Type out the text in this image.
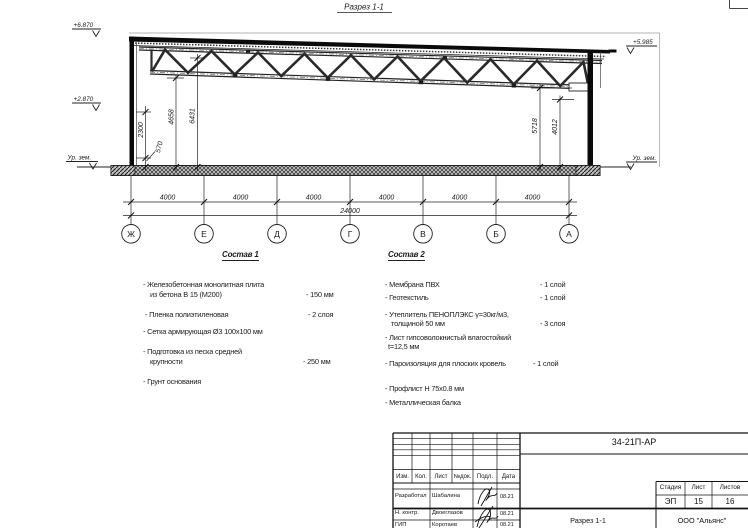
Разрез 1-1
2300
570
4658 6431
5718 4012
4000	4000	4000	4000	4000	4000
24000
Ж	Е	Д	Г	В	Б	А
+6.870
+2.870
Ур. зем.
+5.985
Ур. зем.
Состав 1
- Железобетонная монолитная плита
из бетона В 15 (М200)	- 150 мм
- Пленка полиэтиленовая	- 2 слоя
- Сетка армирующая Ø3 100х100 мм
- Подготовка из песка средней
крупности	- 250 мм
- Грунт основания
Состав 2
- Мембрана ПВХ	- 1 слой
- Геотекстиль	- 1 слой
- Утеплитель ПЕНОПЛЭКС γ=30кг/м3,
толщиной 50 мм	- 3 слоя
- Лист гипсоволокнистый влагостойкий
t=12,5 мм
- Пароизоляция для плоских кровель	- 1 слой
- Профлист Н 75х0.8 мм
- Металлическая балка
34-21П-АР
Изм.	Кол.	Лист	№док. Подл.	Дата
Разработал Шабалина	08.21
Н. контр. Двоеглазов	08.21
ГИП	Коротаев	08.21
Стадия	Лист	Листов
ЭП	15	16
Разрез 1-1	ООО "Альянс"
